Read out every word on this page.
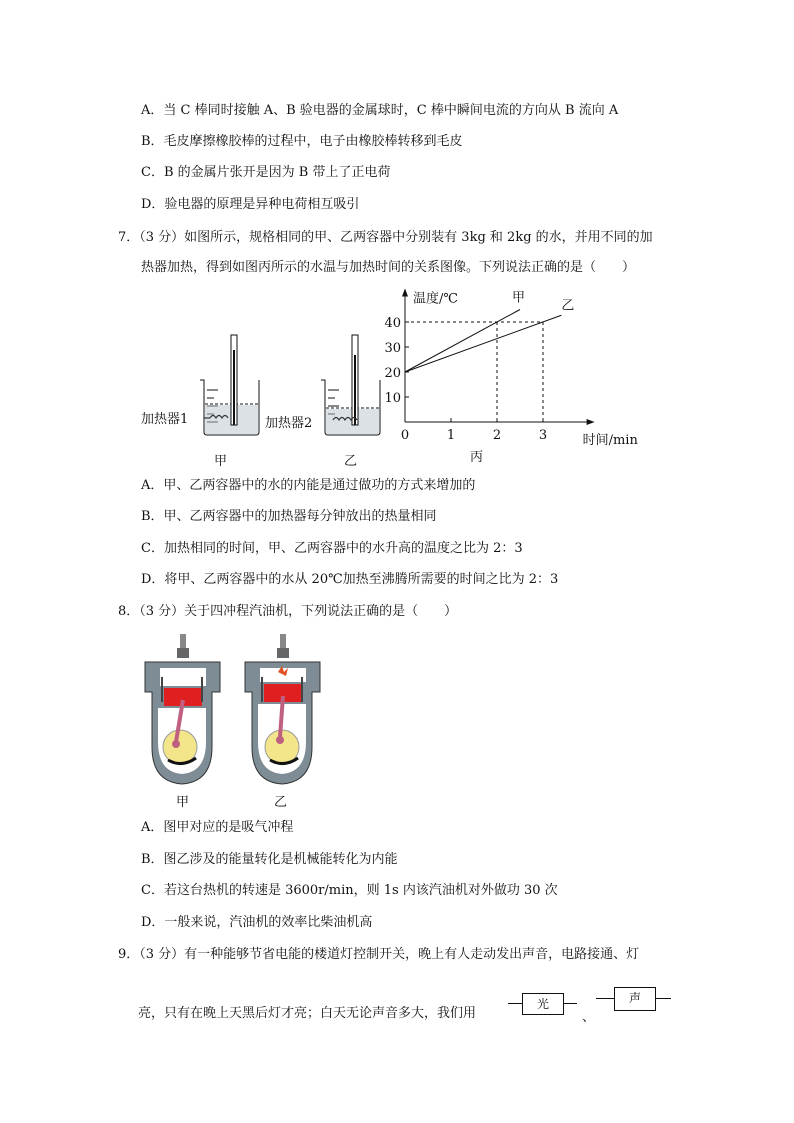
A．当 C 棒同时接触 A、B 验电器的金属球时，C 棒中瞬间电流的方向从 B 流向 A
B．毛皮摩擦橡胶棒的过程中，电子由橡胶棒转移到毛皮
C．B 的金属片张开是因为 B 带上了正电荷
D．验电器的原理是异种电荷相互吸引
7．（3 分）如图所示，规格相同的甲、乙两容器中分别装有 3kg 和 2kg 的水，并用不同的加
热器加热，得到如图丙所示的水温与加热时间的关系图像。下列说法正确的是（　　）
加热器1	加热器2
甲	乙
0	1	2	3
10
20
30
40
甲
乙
温度/℃
时间/min
丙
A．甲、乙两容器中的水的内能是通过做功的方式来增加的
B．甲、乙两容器中的加热器每分钟放出的热量相同
C．加热相同的时间，甲、乙两容器中的水升高的温度之比为 2：3
D．将甲、乙两容器中的水从 20℃加热至沸腾所需要的时间之比为 2：3
8．（3 分）关于四冲程汽油机，下列说法正确的是（　　）
甲	乙
A．图甲对应的是吸气冲程
B．图乙涉及的能量转化是机械能转化为内能
C．若这台热机的转速是 3600r/min，则 1s 内该汽油机对外做功 30 次
D．一般来说，汽油机的效率比柴油机高
9．（3 分）有一种能够节省电能的楼道灯控制开关，晚上有人走动发出声音，电路接通、灯
亮，只有在晚上天黑后灯才亮；白天无论声音多大，我们用
光
、
声
